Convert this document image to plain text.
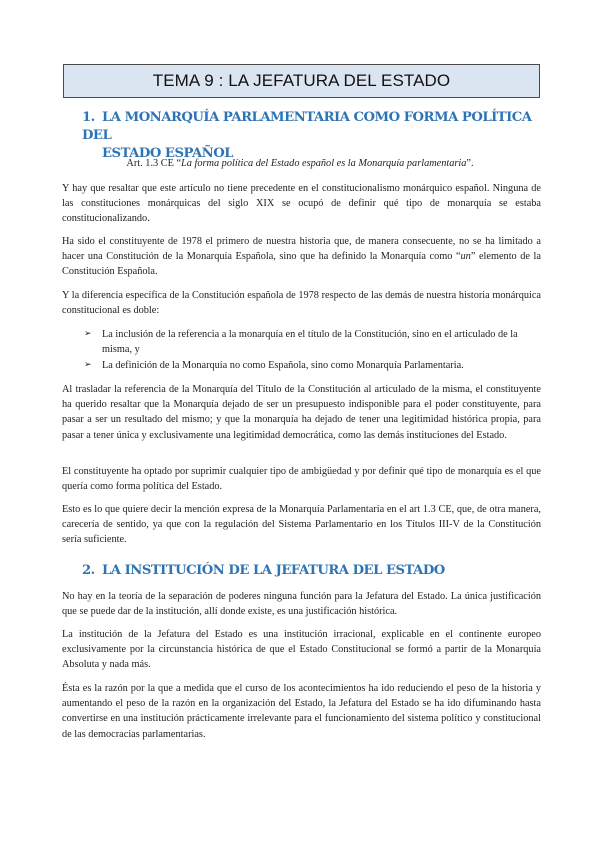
TEMA 9 : LA JEFATURA DEL ESTADO
1. LA MONARQUÍA PARLAMENTARIA COMO FORMA POLÍTICA DEL
ESTADO ESPAÑOL
Art. 1.3 CE “La forma política del Estado español es la Monarquía parlamentaria”.
Y hay que resaltar que este artículo no tiene precedente en el constitucionalismo monárquico español. Ninguna de las constituciones monárquicas del siglo XIX se ocupó de definir qué tipo de monarquía se estaba constitucionalizando.
Ha sido el constituyente de 1978 el primero de nuestra historia que, de manera consecuente, no se ha limitado a hacer una Constitución de la Monarquía Española, sino que ha definido la Monarquía como “un” elemento de la Constitución Española.
Y la diferencia específica de la Constitución española de 1978 respecto de las demás de nuestra historia monárquica constitucional es doble:
➢	La inclusión de la referencia a la monarquía en el título de la Constitución, sino en el articulado de la misma, y
➢	La definición de la Monarquía no como Española, sino como Monarquía Parlamentaria.
Al trasladar la referencia de la Monarquía del Título de la Constitución al articulado de la misma, el constituyente ha querido resaltar que la Monarquía dejado de ser un presupuesto indisponible para el poder constituyente, para pasar a ser un resultado del mismo; y que la monarquía ha dejado de tener una legitimidad histórica propia, para pasar a tener única y exclusivamente una legitimidad democrática, como las demás instituciones del Estado.
El constituyente ha optado por suprimir cualquier tipo de ambigüedad y por definir qué tipo de monarquía es el que quería como forma política del Estado.
Esto es lo que quiere decir la mención expresa de la Monarquía Parlamentaria en el art 1.3 CE, que, de otra manera, carecería de sentido, ya que con la regulación del Sistema Parlamentario en los Títulos III-V de la Constitución sería suficiente.
2. LA INSTITUCIÓN DE LA JEFATURA DEL ESTADO
No hay en la teoría de la separación de poderes ninguna función para la Jefatura del Estado. La única justificación que se puede dar de la institución, allí donde existe, es una justificación histórica.
La institución de la Jefatura del Estado es una institución irracional, explicable en el continente europeo exclusivamente por la circunstancia histórica de que el Estado Constitucional se formó a partir de la Monarquía Absoluta y nada más.
Ésta es la razón por la que a medida que el curso de los acontecimientos ha ido reduciendo el peso de la historia y aumentando el peso de la razón en la organización del Estado, la Jefatura del Estado se ha ido difuminando hasta convertirse en una institución prácticamente irrelevante para el funcionamiento del sistema político y constitucional de las democracias parlamentarias.
